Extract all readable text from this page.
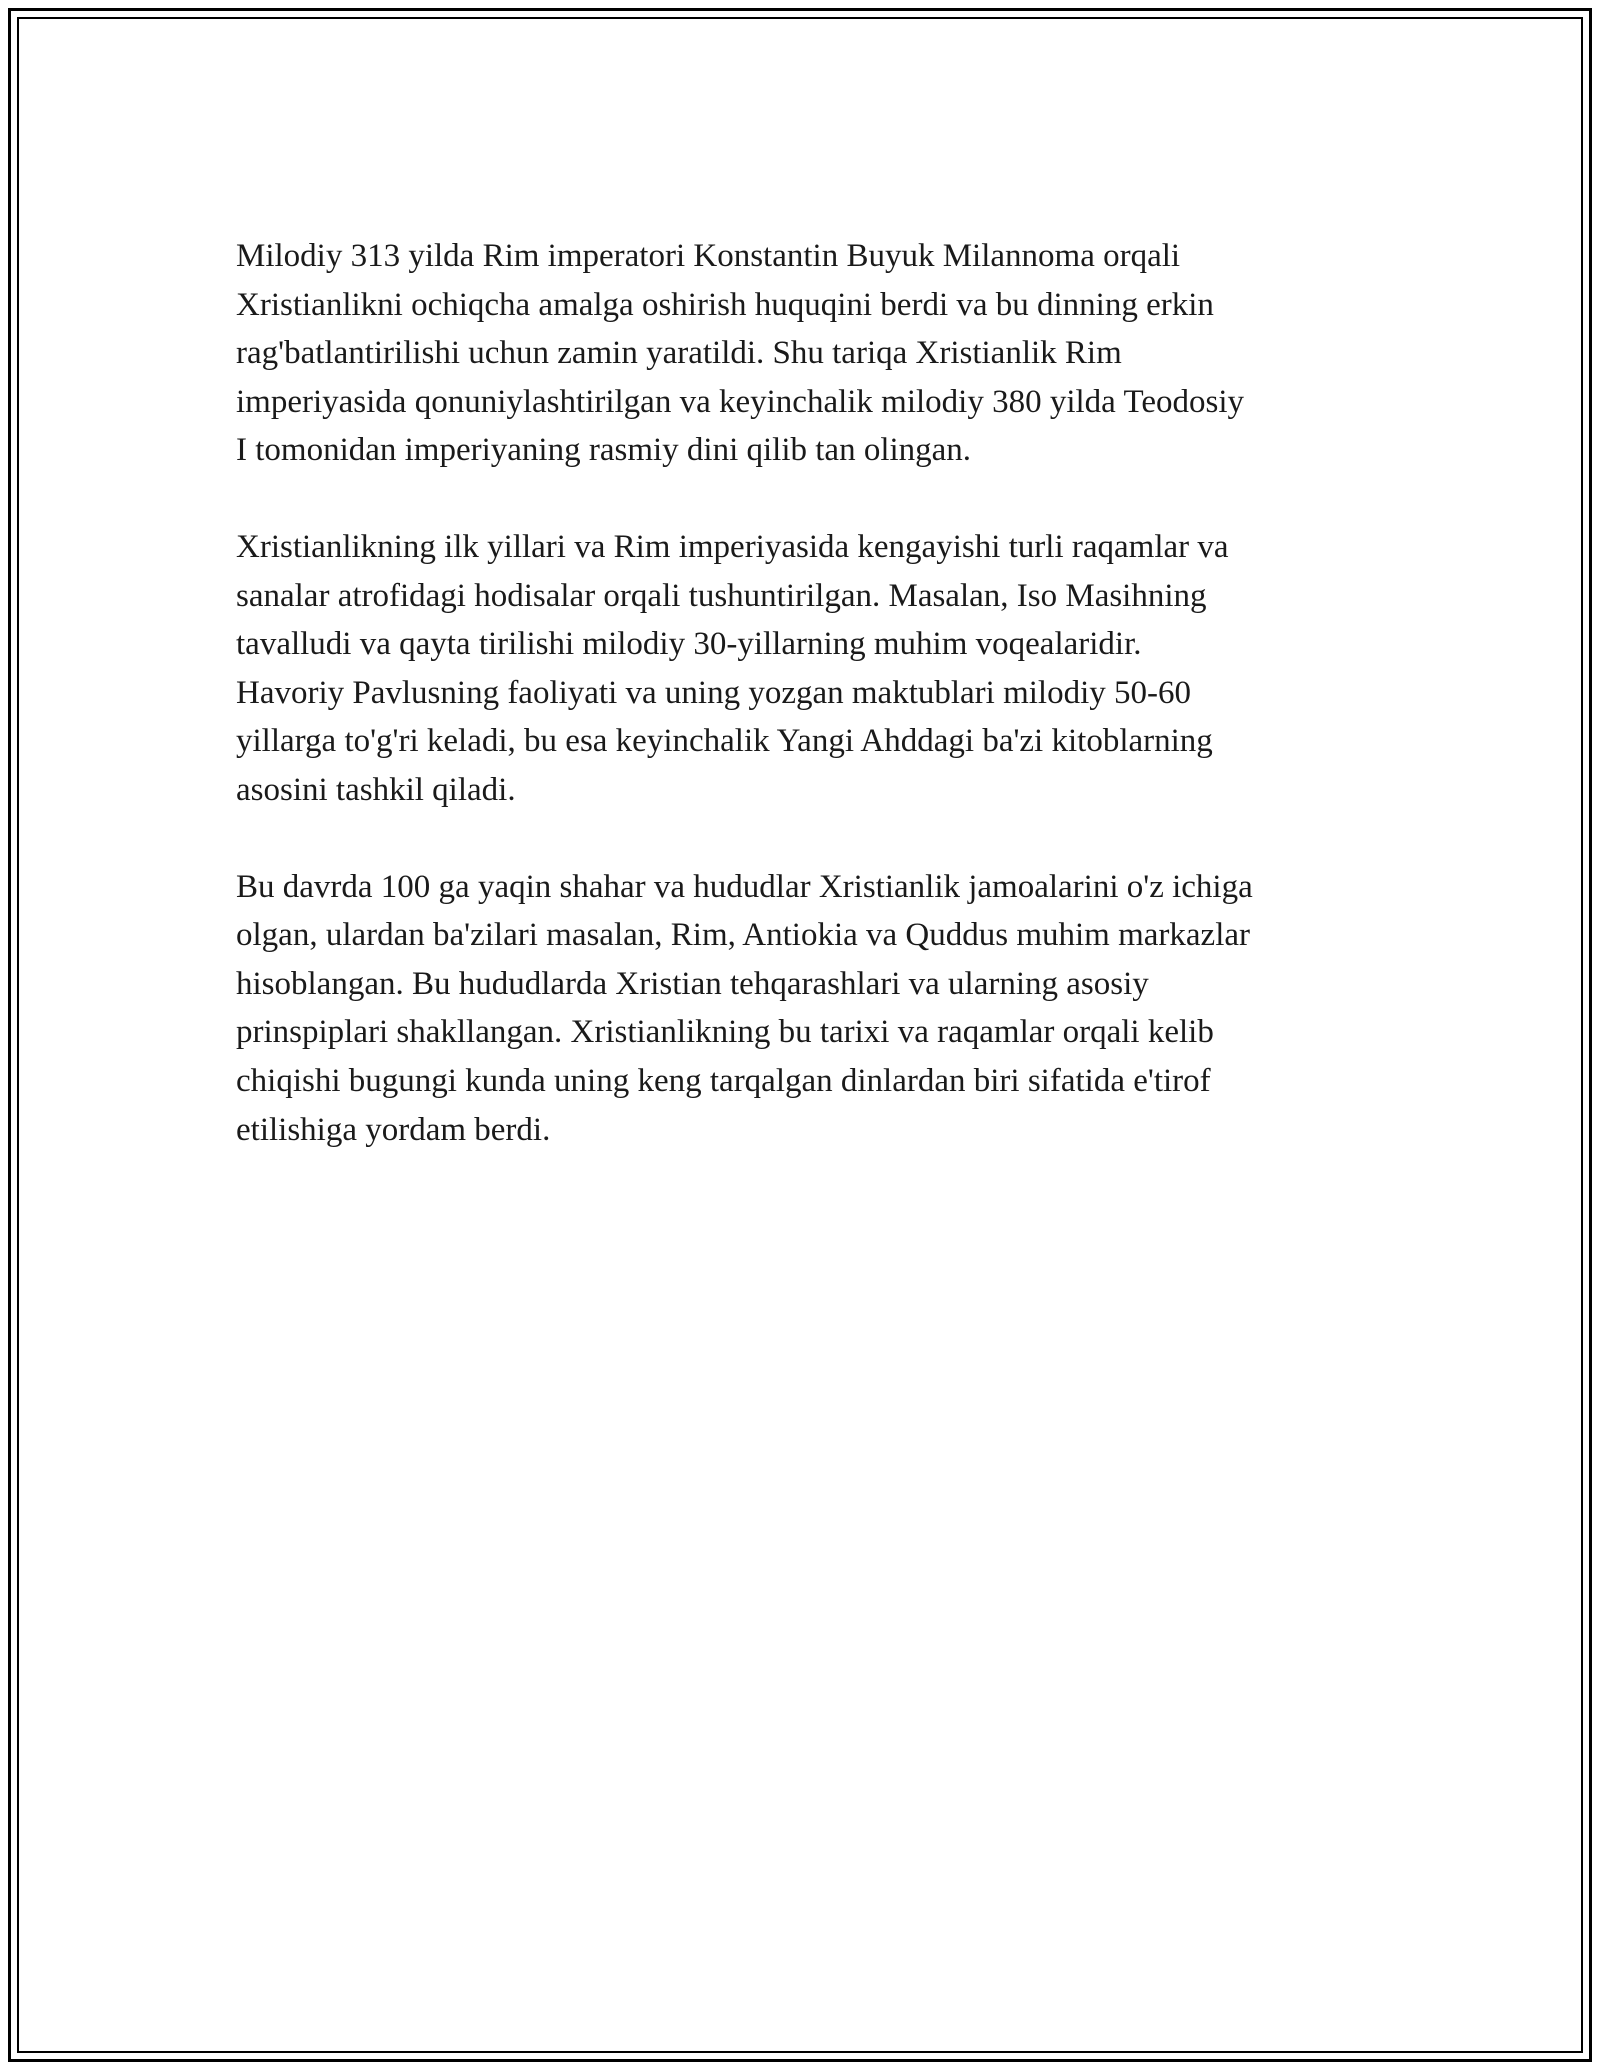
Milodiy 313 yilda Rim imperatori Konstantin Buyuk Milannoma orqali
Xristianlikni ochiqcha amalga oshirish huquqini berdi va bu dinning erkin
rag'batlantirilishi uchun zamin yaratildi. Shu tariqa Xristianlik Rim
imperiyasida qonuniylashtirilgan va keyinchalik milodiy 380 yilda Teodosiy
I tomonidan imperiyaning rasmiy dini qilib tan olingan.

Xristianlikning ilk yillari va Rim imperiyasida kengayishi turli raqamlar va
sanalar atrofidagi hodisalar orqali tushuntirilgan. Masalan, Iso Masihning
tavalludi va qayta tirilishi milodiy 30-yillarning muhim voqealaridir.
Havoriy Pavlusning faoliyati va uning yozgan maktublari milodiy 50-60
yillarga to'g'ri keladi, bu esa keyinchalik Yangi Ahddagi ba'zi kitoblarning
asosini tashkil qiladi.

Bu davrda 100 ga yaqin shahar va hududlar Xristianlik jamoalarini o'z ichiga
olgan, ulardan ba'zilari masalan, Rim, Antiokia va Quddus muhim markazlar
hisoblangan. Bu hududlarda Xristian tehqarashlari va ularning asosiy
prinspiplari shakllangan. Xristianlikning bu tarixi va raqamlar orqali kelib
chiqishi bugungi kunda uning keng tarqalgan dinlardan biri sifatida e'tirof
etilishiga yordam berdi.
